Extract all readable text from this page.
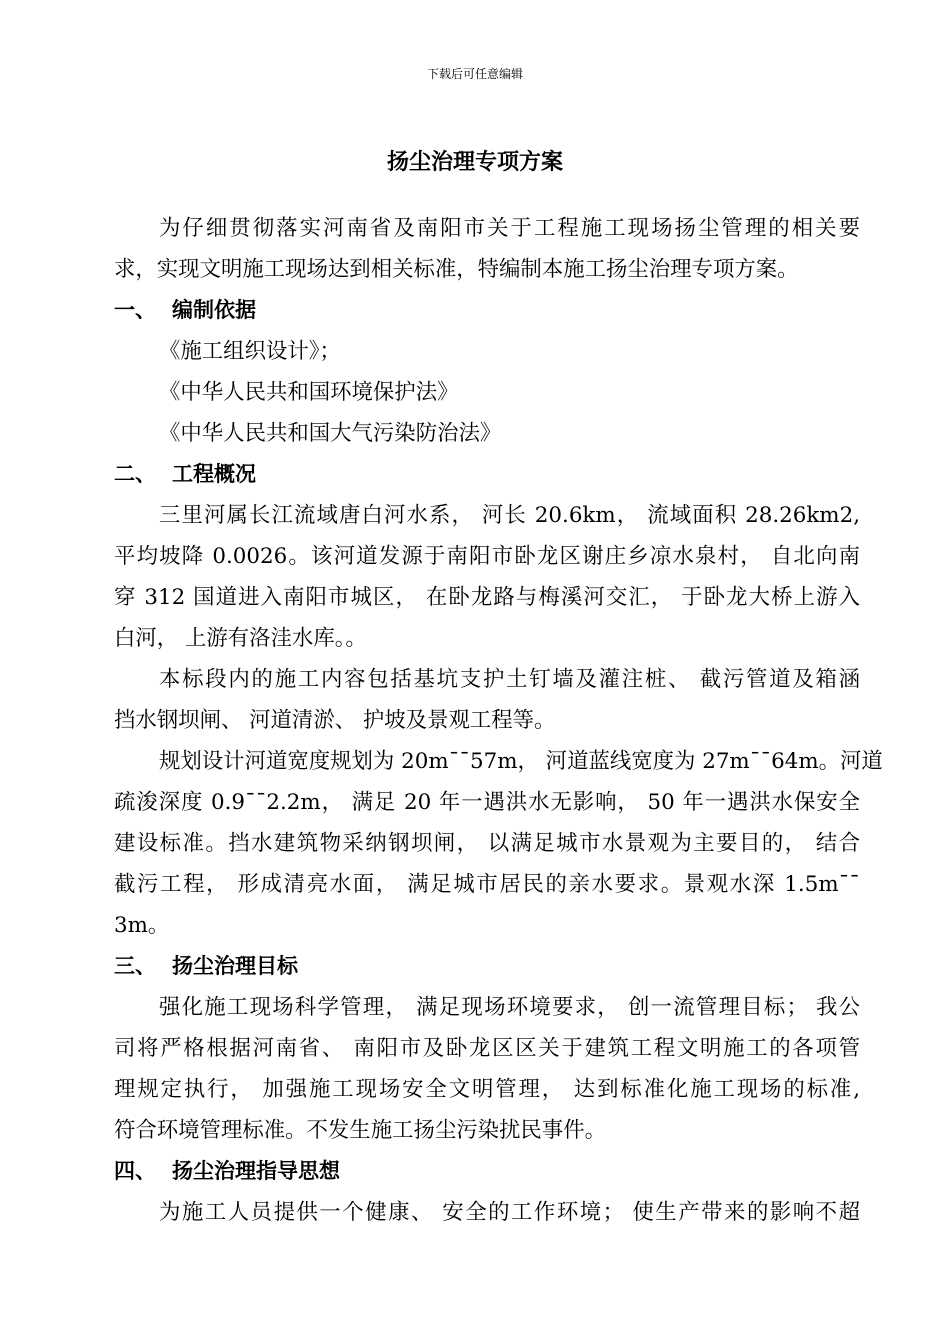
下载后可任意编辑
扬尘治理专项方案
为仔细贯彻落实河南省及南阳市关于工程施工现场扬尘管理的相关要
求，实现文明施工现场达到相关标准，特编制本施工扬尘治理专项方案。
一、 编制依据
《施工组织设计》；
《中华人民共和国环境保护法》
《中华人民共和国大气污染防治法》
二、 工程概况
三里河属长江流域唐白河水系， 河长 20.6km， 流域面积 28.26km2,
平均坡降 0.0026。该河道发源于南阳市卧龙区谢庄乡凉水泉村， 自北向南
穿 312 国道进入南阳市城区， 在卧龙路与梅溪河交汇， 于卧龙大桥上游入
白河， 上游有洛洼水库。。
本标段内的施工内容包括基坑支护土钉墙及灌注桩、 截污管道及箱涵
挡水钢坝闸、 河道清淤、 护坡及景观工程等。
规划设计河道宽度规划为 20m¯¯57m， 河道蓝线宽度为 27m¯¯64m。河道
疏浚深度 0.9¯¯2.2m， 满足 20 年一遇洪水无影响， 50 年一遇洪水保安全
建设标准。挡水建筑物采纳钢坝闸， 以满足城市水景观为主要目的， 结合
截污工程， 形成清亮水面， 满足城市居民的亲水要求。景观水深 1.5m¯¯
3m。
三、 扬尘治理目标
强化施工现场科学管理， 满足现场环境要求， 创一流管理目标； 我公
司将严格根据河南省、 南阳市及卧龙区区关于建筑工程文明施工的各项管
理规定执行， 加强施工现场安全文明管理， 达到标准化施工现场的标准,
符合环境管理标准。不发生施工扬尘污染扰民事件。
四、 扬尘治理指导思想
为施工人员提供一个健康、 安全的工作环境； 使生产带来的影响不超
